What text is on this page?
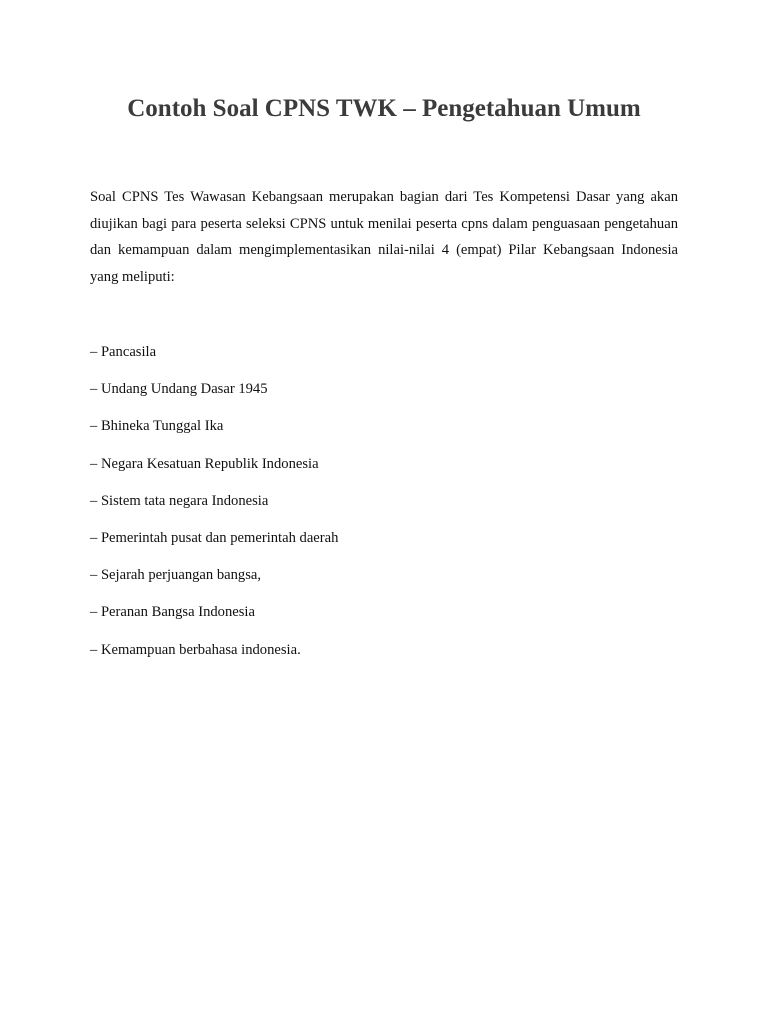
Contoh Soal CPNS TWK – Pengetahuan Umum

Soal CPNS Tes Wawasan Kebangsaan merupakan bagian dari Tes Kompetensi Dasar yang akan diujikan bagi para peserta seleksi CPNS untuk menilai peserta cpns dalam penguasaan pengetahuan dan kemampuan dalam mengimplementasikan nilai-nilai 4 (empat) Pilar Kebangsaan Indonesia yang meliputi:

– Pancasila
– Undang Undang Dasar 1945
– Bhineka Tunggal Ika
– Negara Kesatuan Republik Indonesia
– Sistem tata negara Indonesia
– Pemerintah pusat dan pemerintah daerah
– Sejarah perjuangan bangsa,
– Peranan Bangsa Indonesia
– Kemampuan berbahasa indonesia.
